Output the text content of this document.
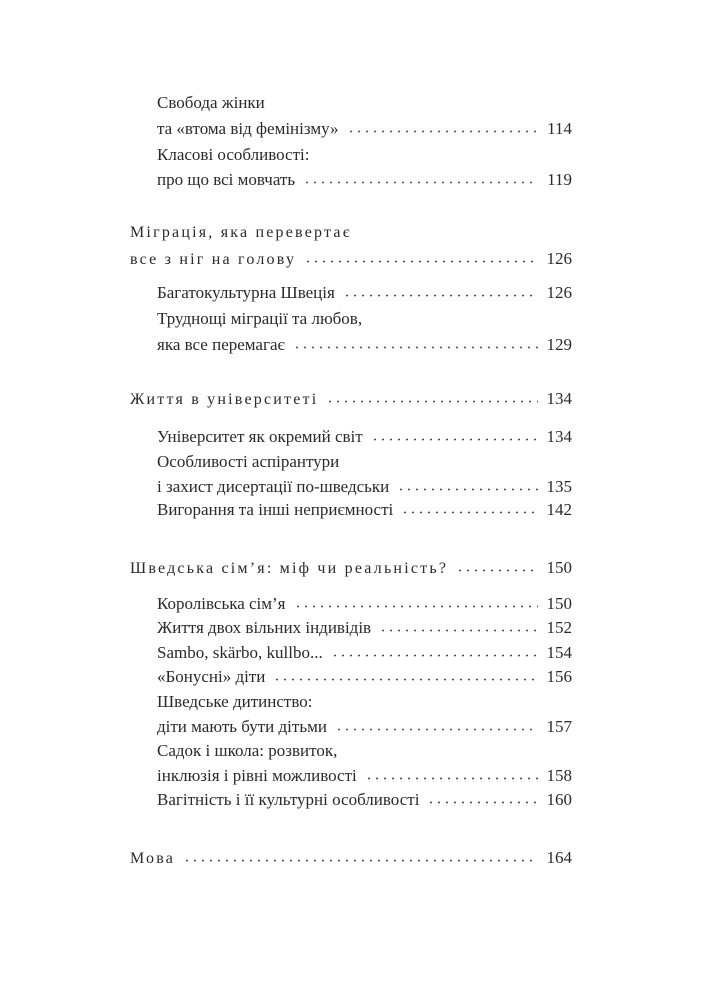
Свобода жінки
та «втома від фемінізму»	114
Класові особливості:
про що всі мовчать	119
Міграція, яка перевертає
все з ніг на голову	126
Багатокультурна Швеція	126
Труднощі міграції та любов,
яка все перемагає	129
Життя в університеті	134
Університет як окремий світ	134
Особливості аспірантури
і захист дисертації по-шведськи	135
Вигорання та інші неприємності	142
Шведська сім’я: міф чи реальність?	150
Королівська сім’я	150
Життя двох вільних індивідів	152
Sambo, skärbo, kullbo...	154
«Бонусні» діти	156
Шведське дитинство:
діти мають бути дітьми	157
Садок і школа: розвиток,
інклюзія і рівні можливості	158
Вагітність і її культурні особливості	160
Мова	164
